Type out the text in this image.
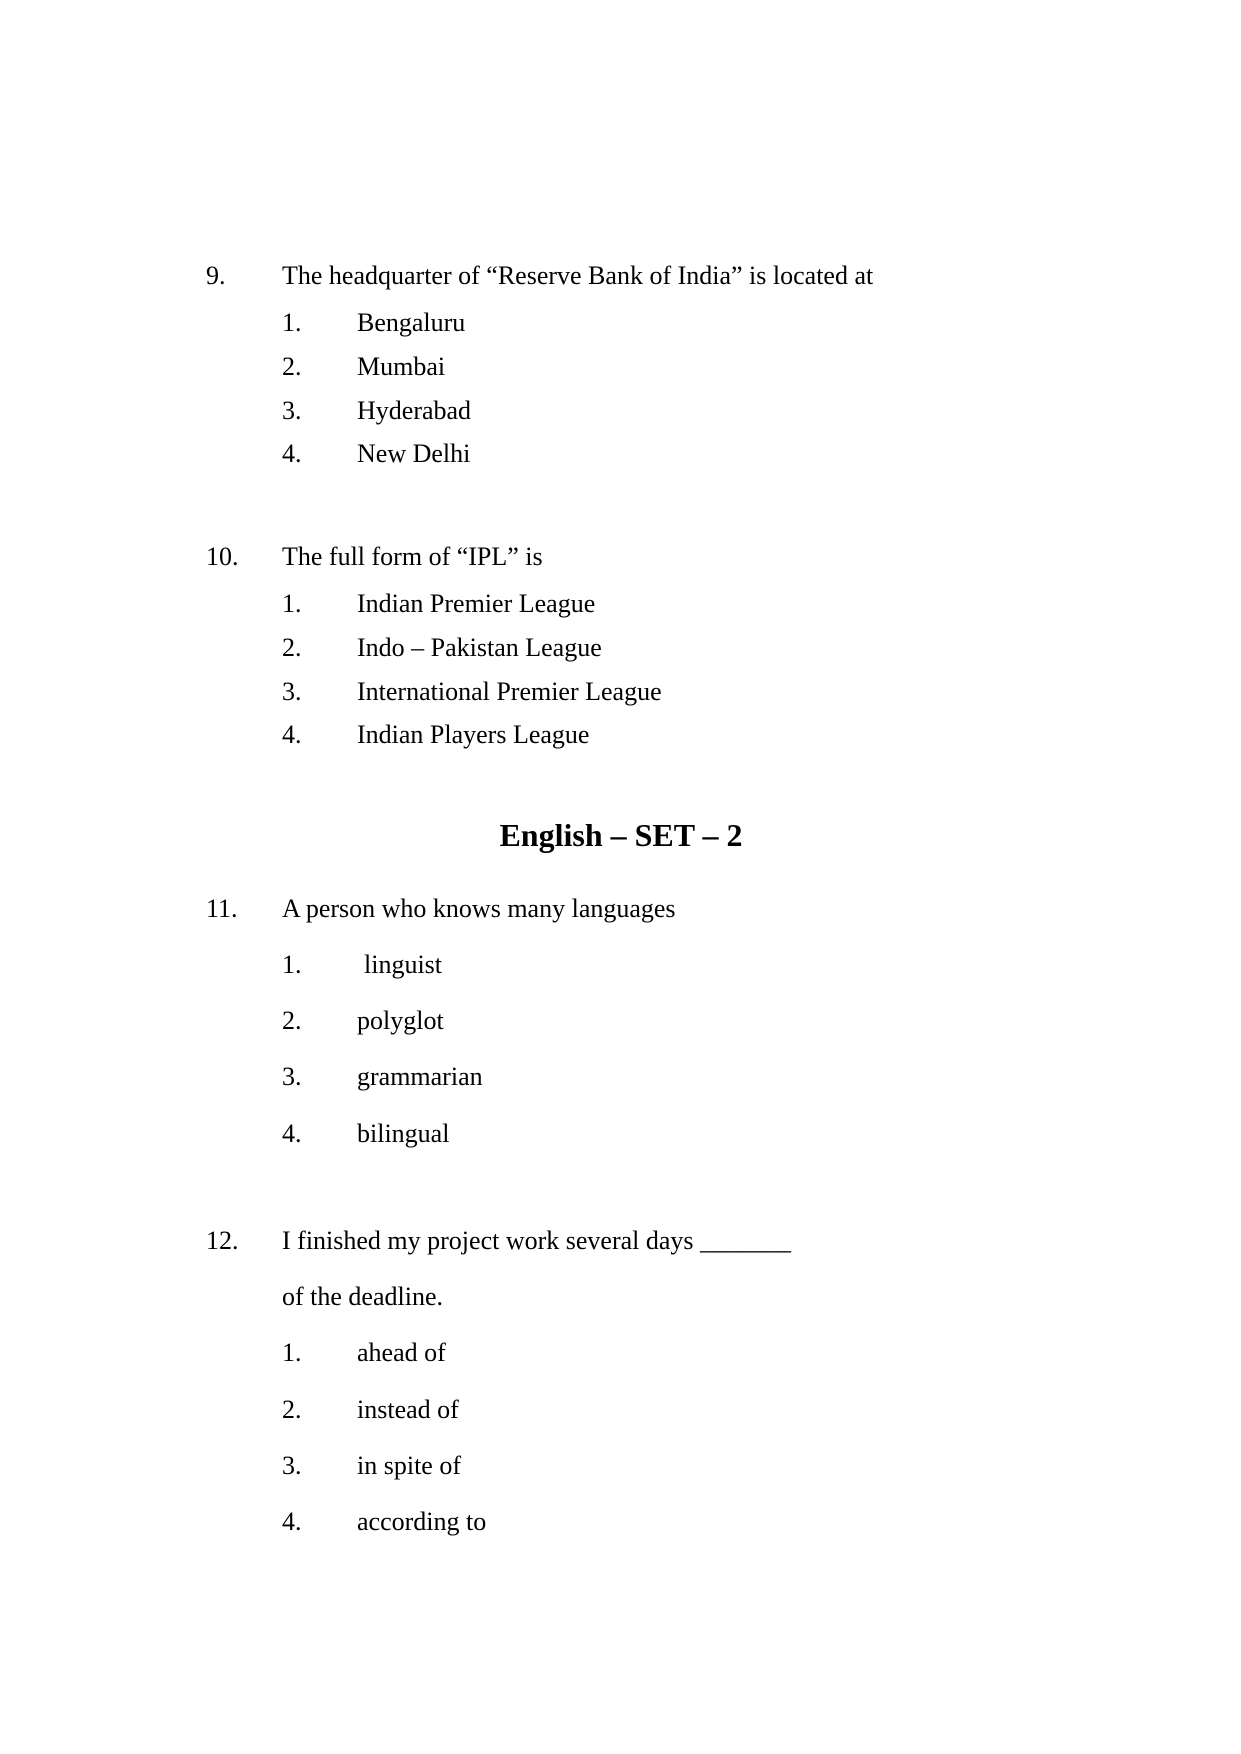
9. The headquarter of “Reserve Bank of India” is located at
1. Bengaluru
2. Mumbai
3. Hyderabad
4. New Delhi
10. The full form of “IPL” is
1. Indian Premier League
2. Indo – Pakistan League
3. International Premier League
4. Indian Players League
English – SET – 2
11. A person who knows many languages
1. linguist
2. polyglot
3. grammarian
4. bilingual
12. I finished my project work several days _______
of the deadline.
1. ahead of
2. instead of
3. in spite of
4. according to
